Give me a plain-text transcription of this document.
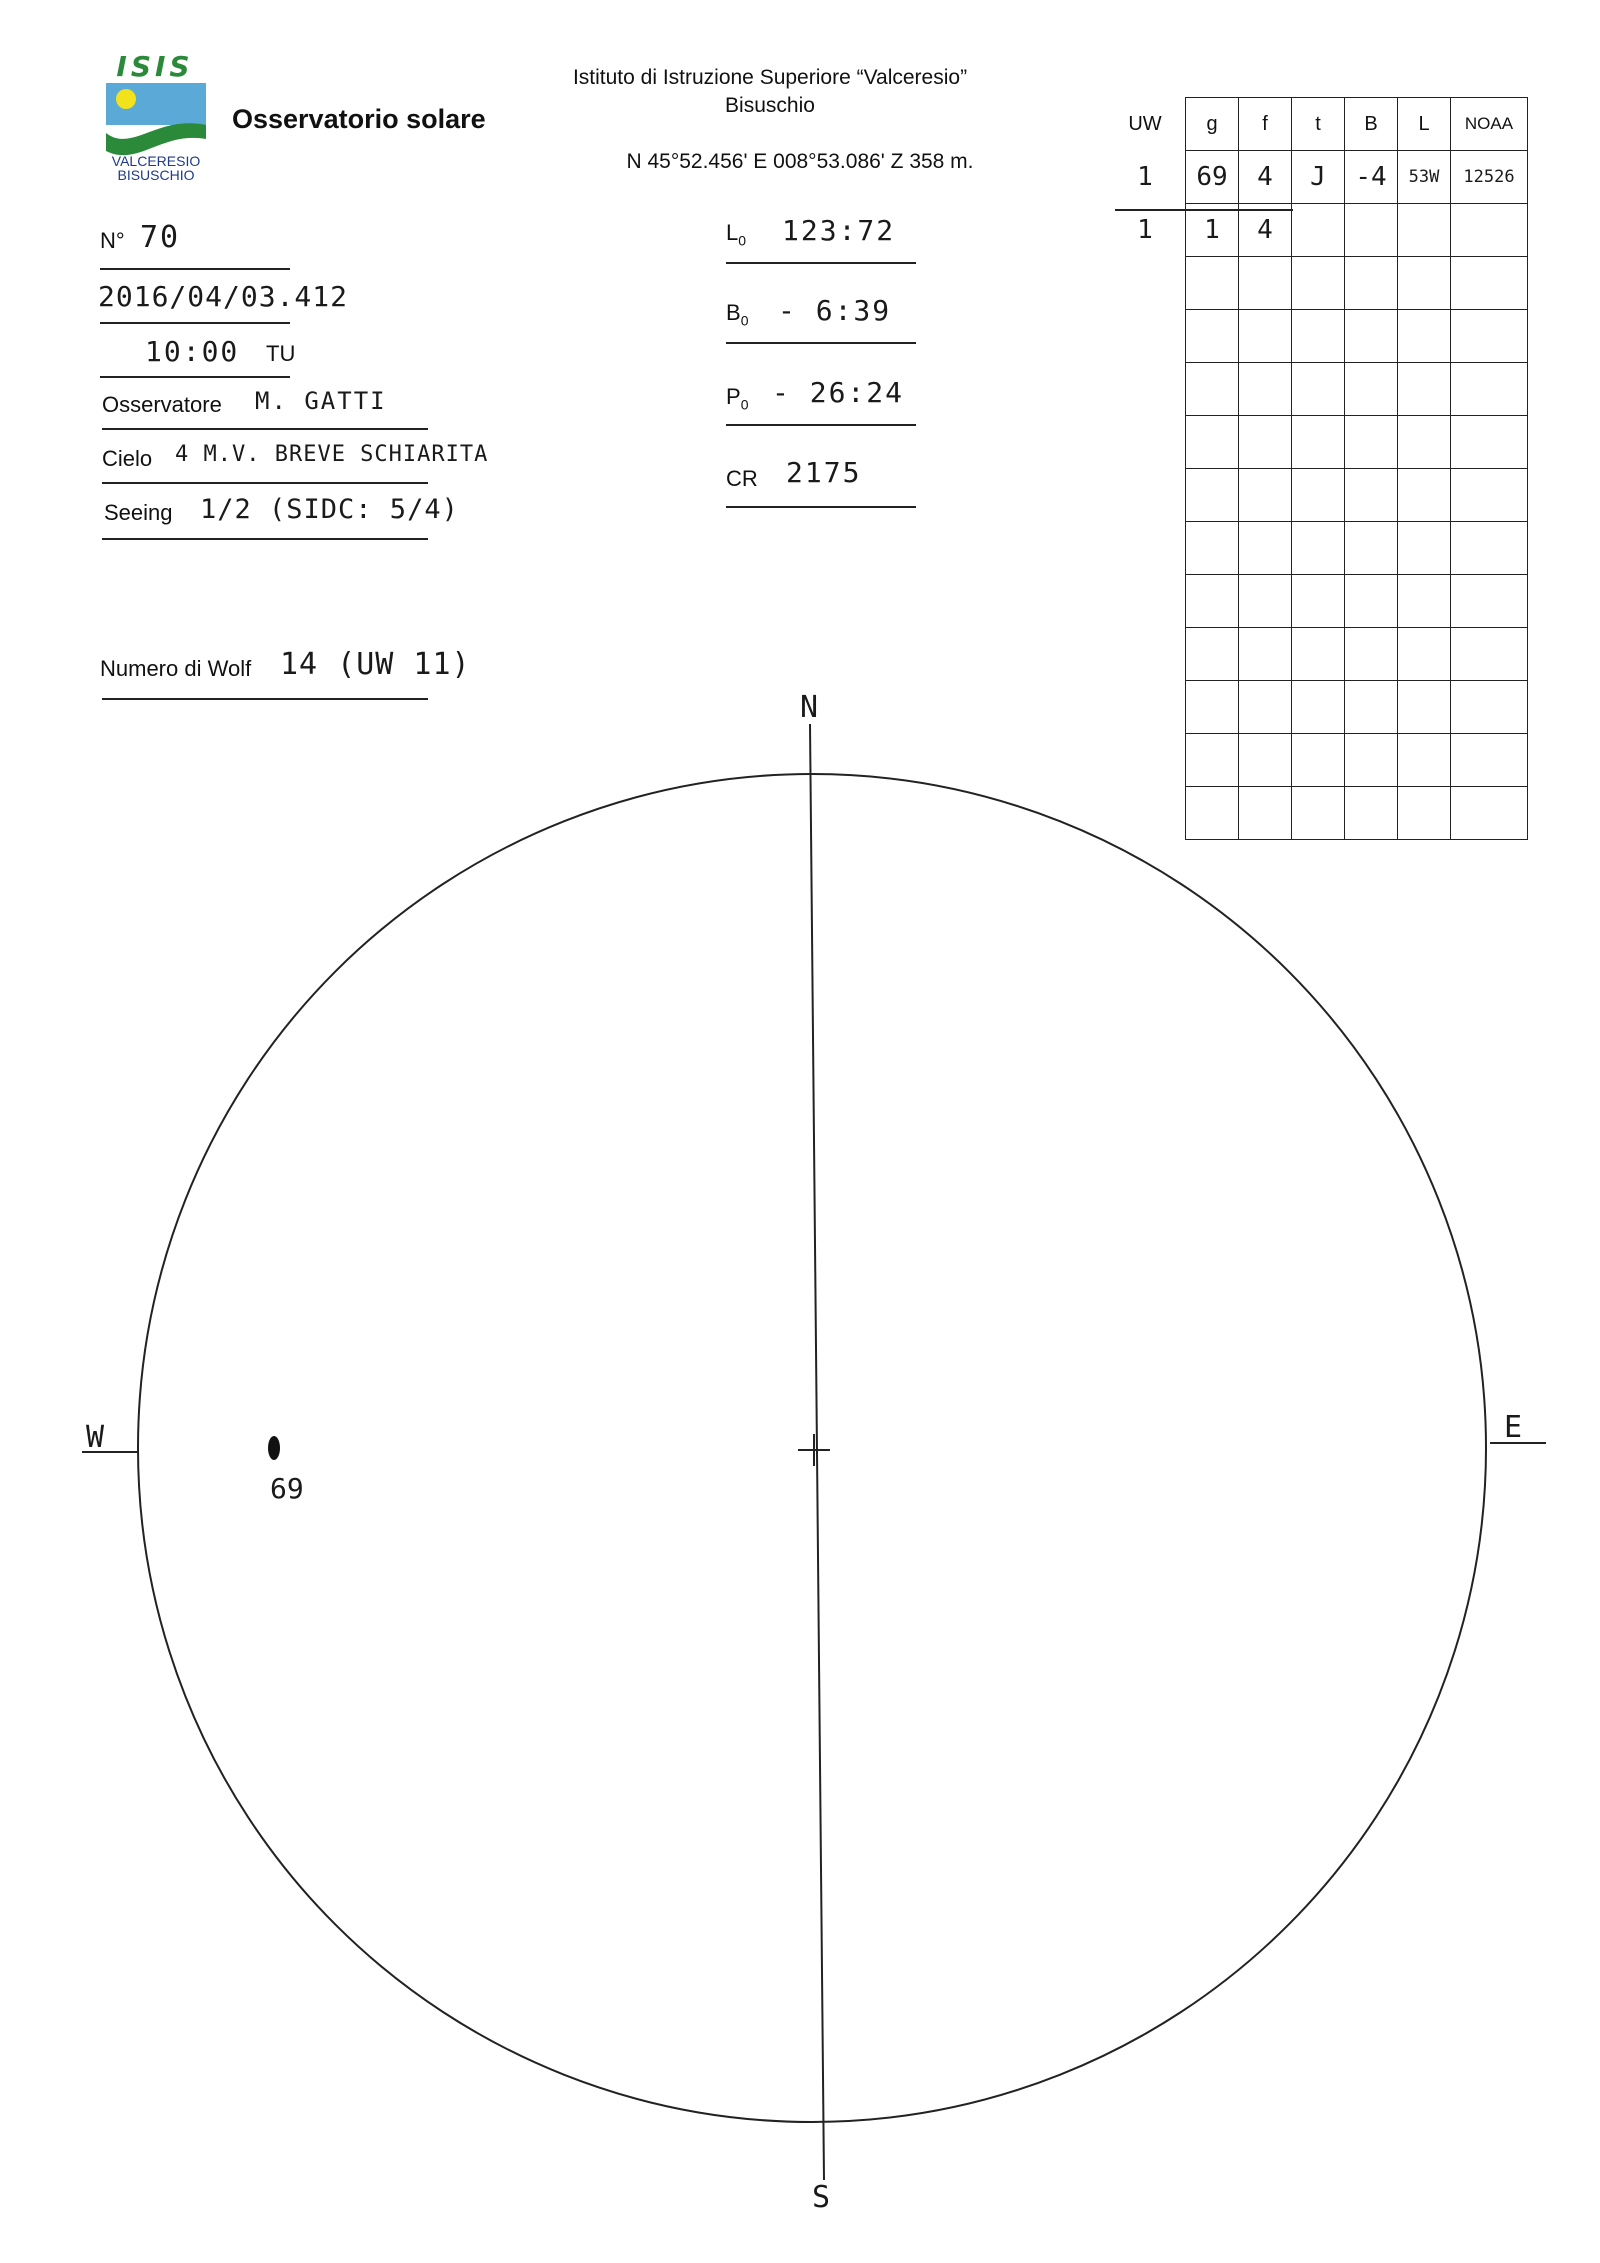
ISIS
VALCERESIO
BISUSCHIO
Osservatorio solare
Istituto di Istruzione Superiore “Valceresio”
Bisuschio
N 45°52.456' E 008°53.086' Z 358 m.
N° 70
2016/04/03.412
10:00 TU
Osservatore M. GATTI
Cielo 4 M.V. BREVE SCHIARITA
Seeing 1/2 (SIDC: 5/4)
Numero di Wolf 14 (UW 11)
$L_0$ 123:72
$B_0$ - 6:39
$P_0$ - 26:24
CR 2175
UW	g	f	t	B	L	NOAA
1	69	4	J	-4	53W	12526
1	1	4				

N
S
W	E
69
